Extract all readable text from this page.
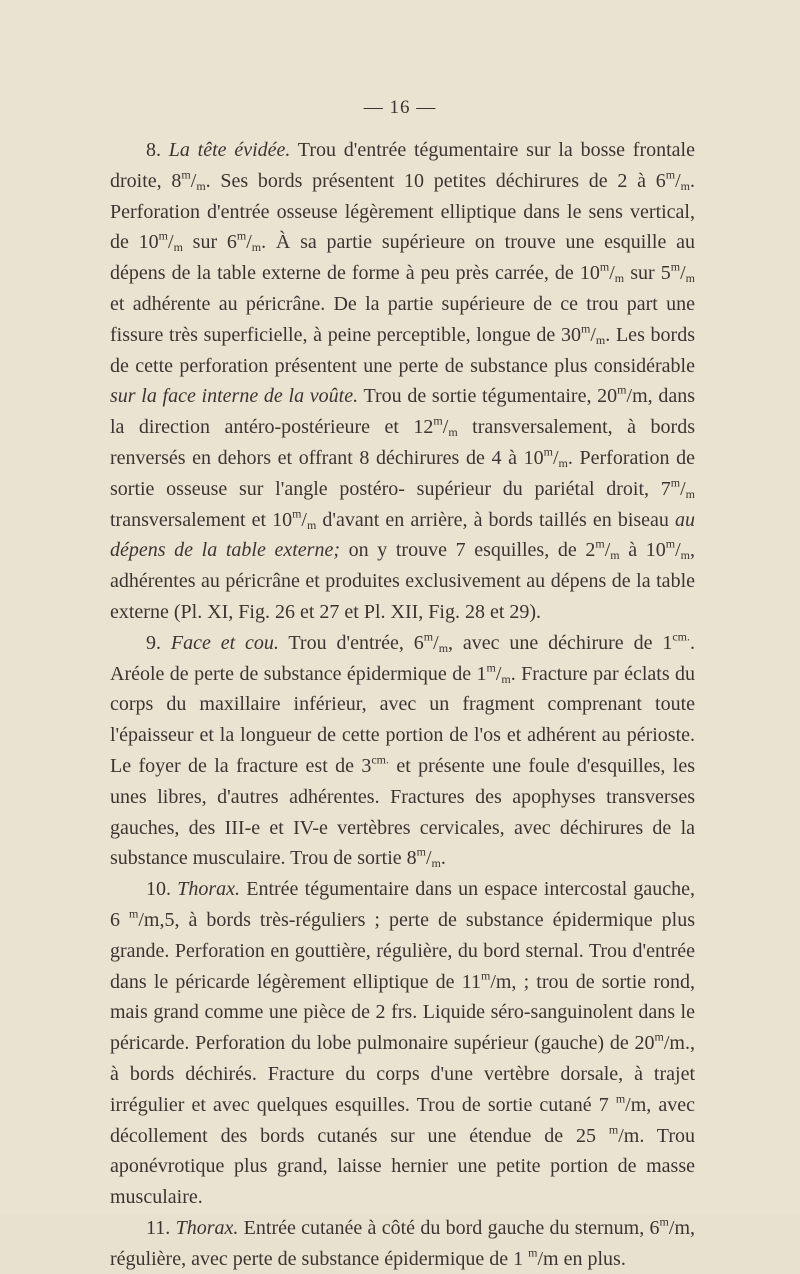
— 16 —

8. La tête évidée. Trou d'entrée tégumentaire sur la bosse frontale droite, $8^m/_m$. Ses bords présentent 10 petites déchirures de 2 à $6^m/_m$. Perforation d'entrée osseuse légèrement elliptique dans le sens vertical, de $10^m/_m$ sur $6^m/_m$. À sa partie supérieure on trouve une esquille au dépens de la table externe de forme à peu près carrée, de $10^m/_m$ sur $5^m/_m$ et adhérente au péricrâne. De la partie supérieure de ce trou part une fissure très superficielle, à peine perceptible, longue de $30^m/_m$. Les bords de cette perforation présentent une perte de substance plus considérable sur la face interne de la voûte. Trou de sortie tégumentaire, 20$^m$/m, dans la direction antéro-postérieure et $12^m/_m$ transversalement, à bords renversés en dehors et offrant 8 déchirures de 4 à $10^m/_m$. Perforation de sortie osseuse sur l'angle postéro- supérieur du pariétal droit, $7^m/_m$ transversalement et $10^m/_m$ d'avant en arrière, à bords taillés en biseau au dépens de la table externe; on y trouve 7 esquilles, de $2^m/_m$ à $10^m/_m$, adhérentes au péricrâne et produites exclusivement au dépens de la table externe (Pl. XI, Fig. 26 et 27 et Pl. XII, Fig. 28 et 29).

9. Face et cou. Trou d'entrée, $6^m/_m$, avec une déchirure de $1^{cm.}$. Aréole de perte de substance épidermique de $1^m/_m$. Fracture par éclats du corps du maxillaire inférieur, avec un fragment comprenant toute l'épaisseur et la longueur de cette portion de l'os et adhérent au périoste. Le foyer de la fracture est de $3^{cm.}$ et présente une foule d'esquilles, les unes libres, d'autres adhérentes. Fractures des apophyses transverses gauches, des III-e et IV-e vertèbres cervicales, avec déchirures de la substance musculaire. Trou de sortie $8^m/_m$.

10. Thorax. Entrée tégumentaire dans un espace intercostal gauche, 6 $^m$/m,5, à bords très-réguliers ; perte de substance épidermique plus grande. Perforation en gouttière, régulière, du bord sternal. Trou d'entrée dans le péricarde légèrement elliptique de 11$^m$/m, ; trou de sortie rond, mais grand comme une pièce de 2 frs. Liquide séro-sanguinolent dans le péricarde. Perforation du lobe pulmonaire supérieur (gauche) de 20$^m$/m., à bords déchirés. Fracture du corps d'une vertèbre dorsale, à trajet irrégulier et avec quelques esquilles. Trou de sortie cutané 7 $^m$/m, avec décollement des bords cutanés sur une étendue de 25 $^m$/m. Trou aponévrotique plus grand, laisse hernier une petite portion de masse musculaire.

11. Thorax. Entrée cutanée à côté du bord gauche du sternum, 6$^m$/m, régulière, avec perte de substance épidermique de 1 $^m$/m en plus.
